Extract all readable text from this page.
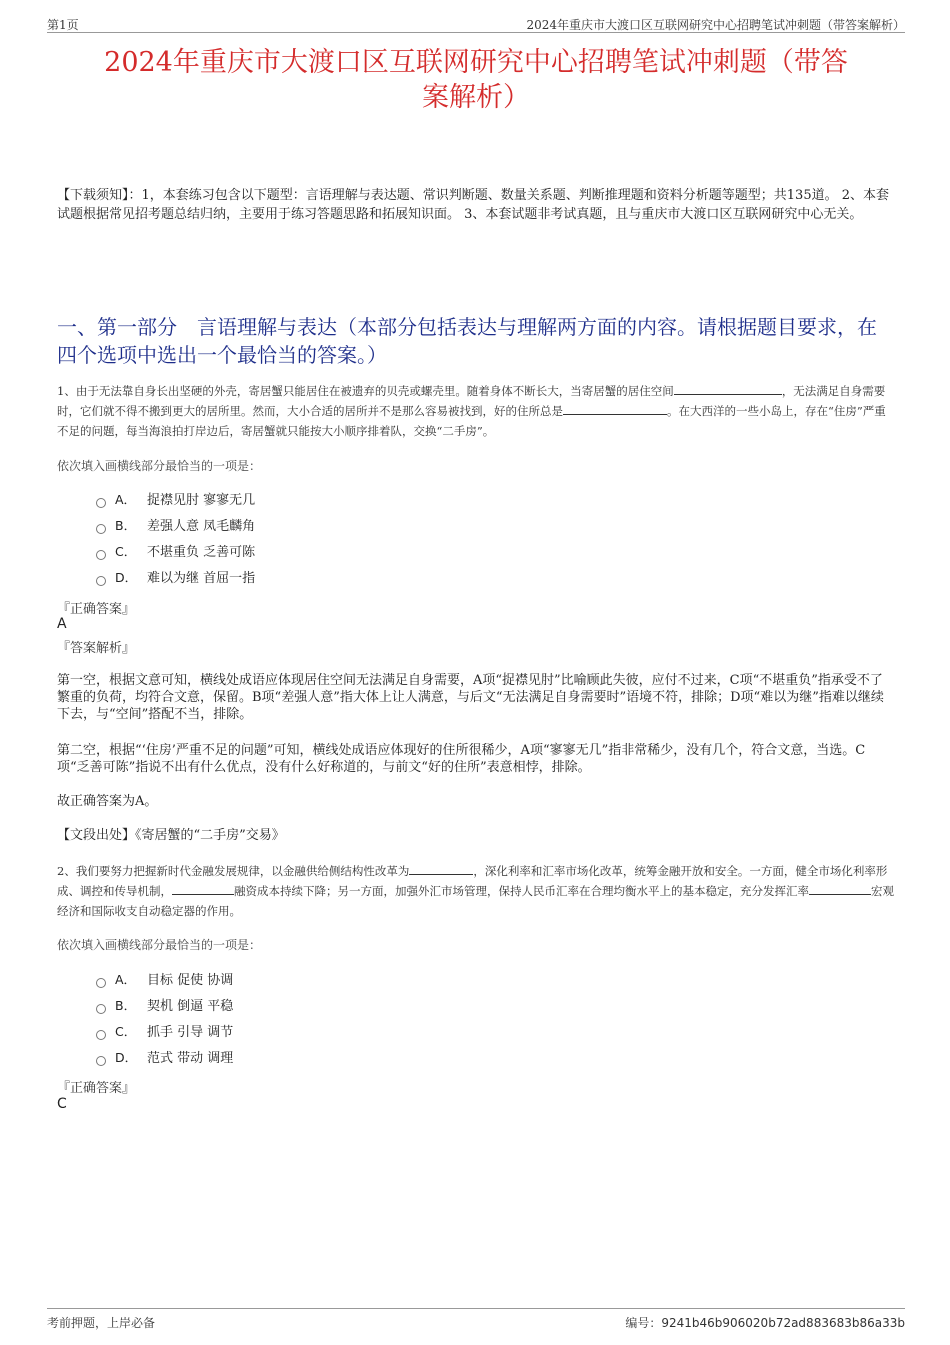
第1页	2024年重庆市大渡口区互联网研究中心招聘笔试冲刺题（带答案解析）
2024年重庆市大渡口区互联网研究中心招聘笔试冲刺题（带答
案解析）
【下载须知】：1，本套练习包含以下题型：言语理解与表达题、常识判断题、数量关系题、判断推理题和资料分析题等题型；共135道。 2、本套试题根据常见招考题总结归纳，主要用于练习答题思路和拓展知识面。 3、本套试题非考试真题，且与重庆市大渡口区互联网研究中心无关。
一、第一部分　言语理解与表达（本部分包括表达与理解两方面的内容。请根据题目要求，在四个选项中选出一个最恰当的答案。）
1、由于无法靠自身长出坚硬的外壳，寄居蟹只能居住在被遗弃的贝壳或螺壳里。随着身体不断长大，当寄居蟹的居住空间	，无法满足自身需要时，它们就不得不搬到更大的居所里。然而，大小合适的居所并不是那么容易被找到，好的住所总是	。在大西洋的一些小岛上，存在“住房”严重不足的问题，每当海浪拍打岸边后，寄居蟹就只能按大小顺序排着队，交换“二手房”。
依次填入画横线部分最恰当的一项是：
A． 捉襟见肘 寥寥无几
B． 差强人意 凤毛麟角
C． 不堪重负 乏善可陈
D． 难以为继 首屈一指
『正确答案』
A
『答案解析』
第一空，根据文意可知，横线处成语应体现居住空间无法满足自身需要，A项“捉襟见肘”比喻顾此失彼，应付不过来，C项“不堪重负”指承受不了繁重的负荷，均符合文意，保留。B项“差强人意”指大体上让人满意，与后文“无法满足自身需要时”语境不符，排除；D项“难以为继”指难以继续下去，与“空间”搭配不当，排除。
第二空，根据“‘住房’严重不足的问题”可知，横线处成语应体现好的住所很稀少，A项“寥寥无几”指非常稀少，没有几个，符合文意，当选。C项“乏善可陈”指说不出有什么优点，没有什么好称道的，与前文“好的住所”表意相悖，排除。
故正确答案为A。
【文段出处】《寄居蟹的“二手房”交易》
2、我们要努力把握新时代金融发展规律，以金融供给侧结构性改革为	，深化利率和汇率市场化改革，统筹金融开放和安全。一方面，健全市场化利率形成、调控和传导机制，	融资成本持续下降；另一方面，加强外汇市场管理，保持人民币汇率在合理均衡水平上的基本稳定，充分发挥汇率	宏观经济和国际收支自动稳定器的作用。
依次填入画横线部分最恰当的一项是：
A． 目标 促使 协调
B． 契机 倒逼 平稳
C． 抓手 引导 调节
D． 范式 带动 调理
『正确答案』
C
考前押题，上岸必备	编号：9241b46b906020b72ad883683b86a33b
